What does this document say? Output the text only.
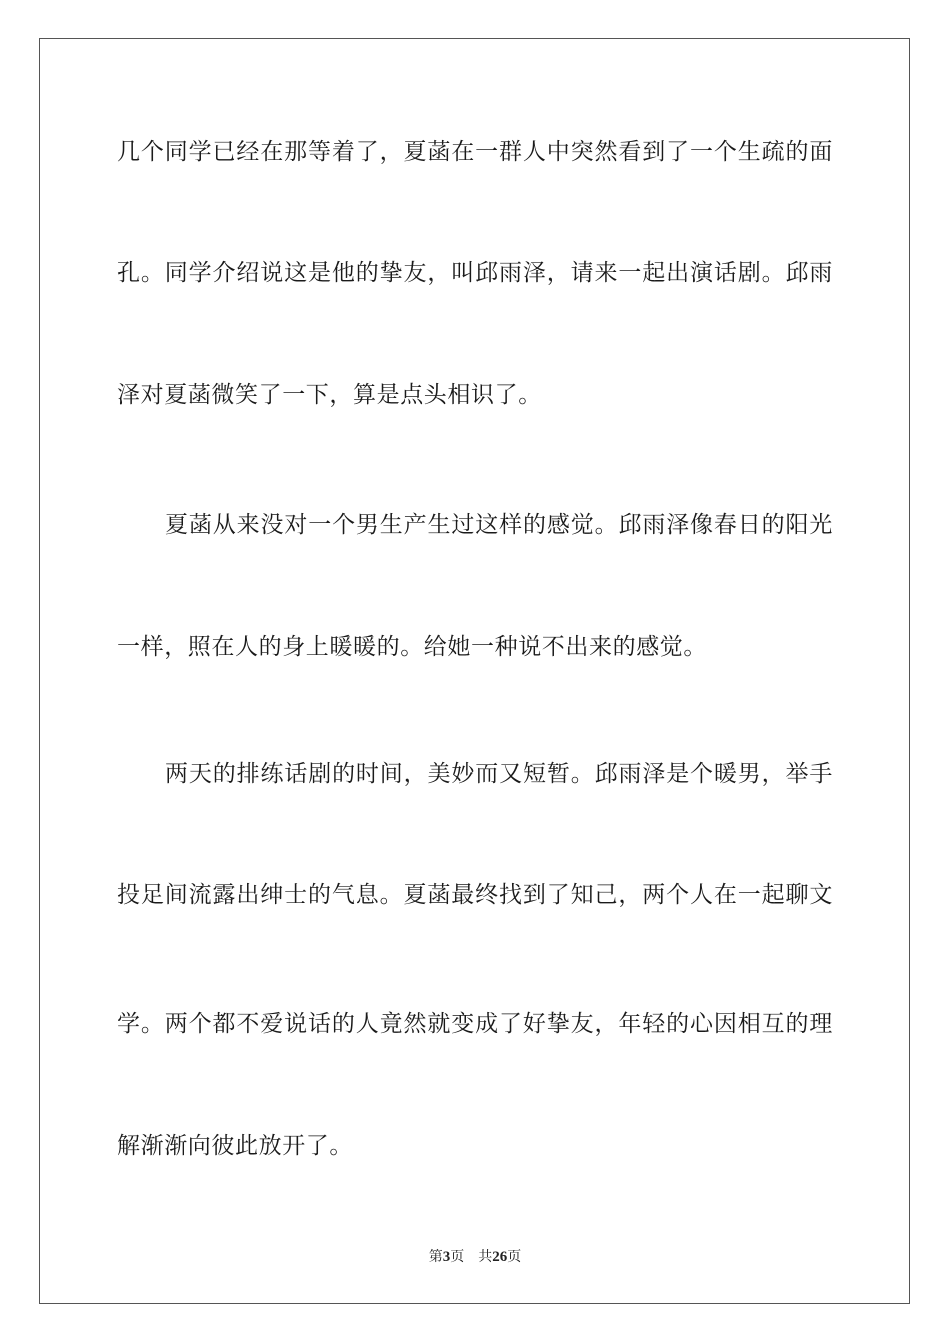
几个同学已经在那等着了，夏菡在一群人中突然看到了一个生疏的面
孔。同学介绍说这是他的挚友，叫邱雨泽，请来一起出演话剧。邱雨
泽对夏菡微笑了一下，算是点头相识了。
夏菡从来没对一个男生产生过这样的感觉。邱雨泽像春日的阳光
一样，照在人的身上暖暖的。给她一种说不出来的感觉。
两天的排练话剧的时间，美妙而又短暂。邱雨泽是个暖男，举手
投足间流露出绅士的气息。夏菡最终找到了知己，两个人在一起聊文
学。两个都不爱说话的人竟然就变成了好挚友，年轻的心因相互的理
解渐渐向彼此放开了。
第3页 共26页
